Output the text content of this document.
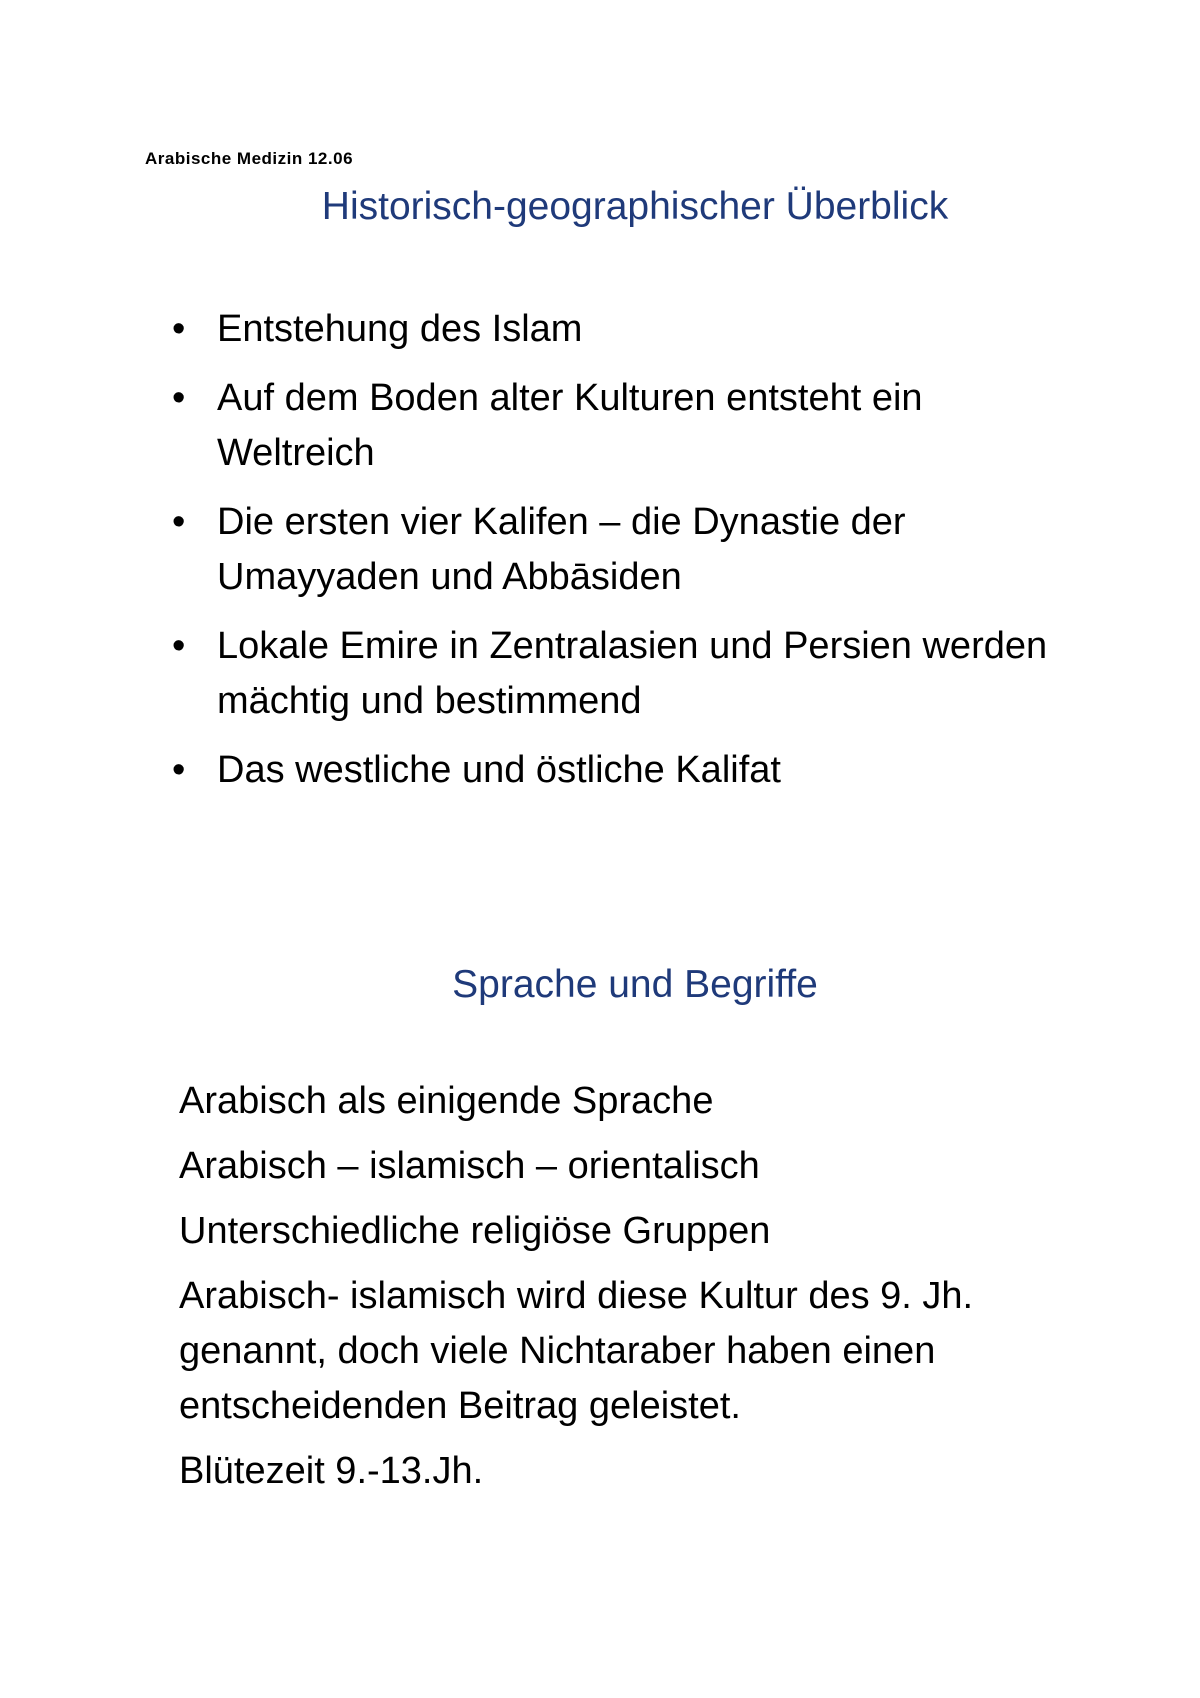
Arabische Medizin 12.06
Historisch-geographischer Überblick
• Entstehung des Islam
• Auf dem Boden alter Kulturen entsteht ein Weltreich
• Die ersten vier Kalifen – die Dynastie der Umayyaden und Abbāsiden
• Lokale Emire in Zentralasien und Persien werden mächtig und bestimmend
• Das westliche und östliche Kalifat
Sprache und Begriffe
Arabisch als einigende Sprache
Arabisch – islamisch – orientalisch
Unterschiedliche religiöse Gruppen
Arabisch- islamisch wird diese Kultur des 9. Jh. genannt, doch viele Nichtaraber haben einen entscheidenden Beitrag geleistet.
Blütezeit 9.-13.Jh.
